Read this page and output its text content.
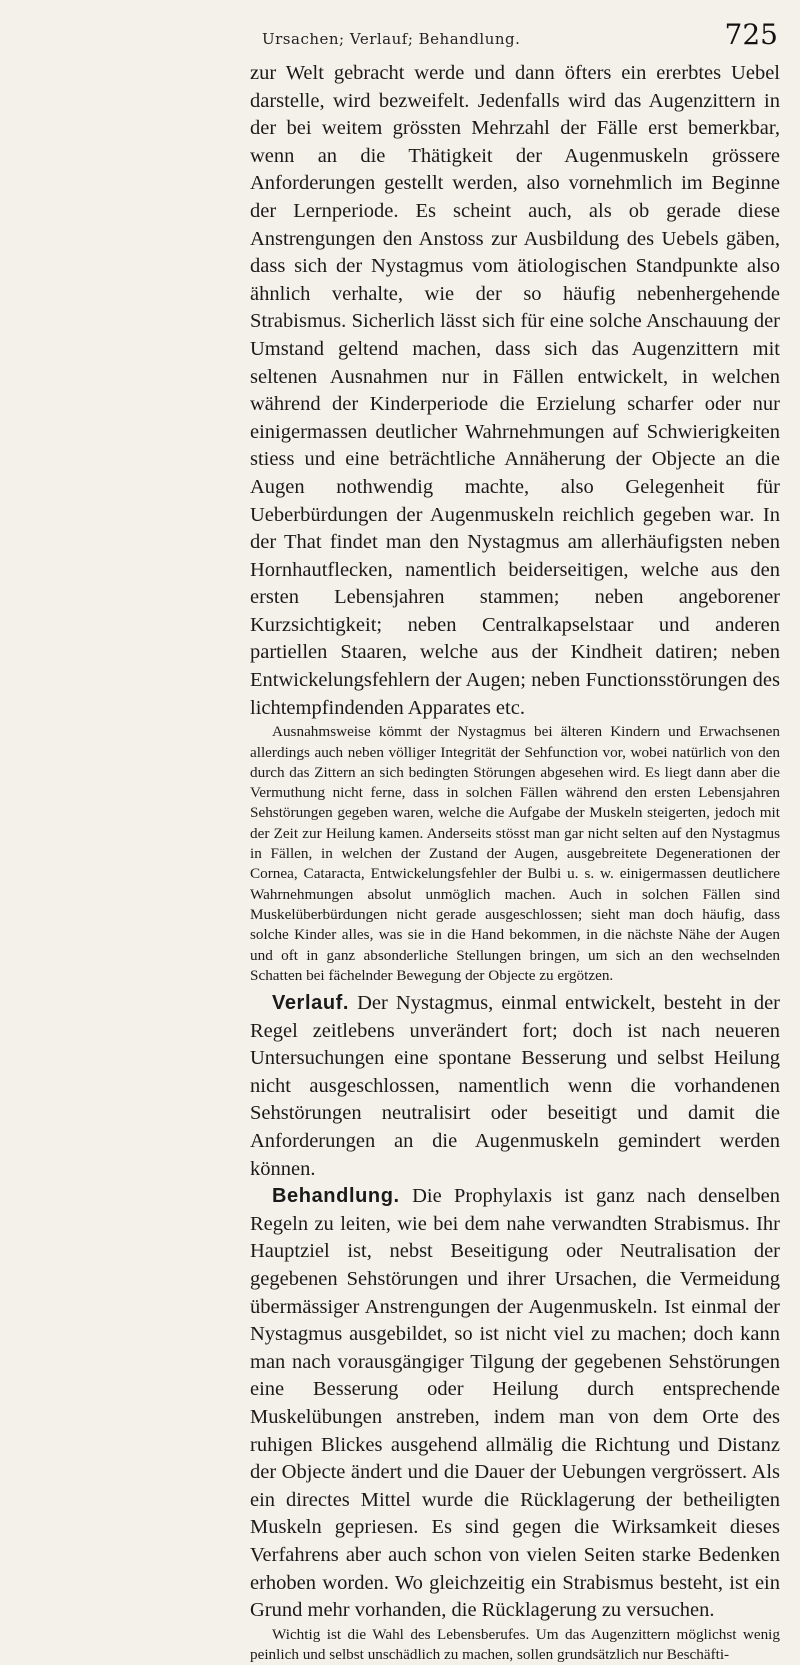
Ursachen; Verlauf; Behandlung.	725

zur Welt gebracht werde und dann öfters ein ererbtes Uebel darstelle, wird bezweifelt. Jedenfalls wird das Augenzittern in der bei weitem grössten Mehrzahl der Fälle erst bemerkbar, wenn an die Thätigkeit der Augenmuskeln grössere Anforderungen gestellt werden, also vornehmlich im Beginne der Lernperiode. Es scheint auch, als ob gerade diese Anstrengungen den Anstoss zur Ausbildung des Uebels gäben, dass sich der Nystagmus vom ätiologischen Standpunkte also ähnlich verhalte, wie der so häufig nebenhergehende Strabismus. Sicherlich lässt sich für eine solche Anschauung der Umstand geltend machen, dass sich das Augenzittern mit seltenen Ausnahmen nur in Fällen entwickelt, in welchen während der Kinderperiode die Erzielung scharfer oder nur einigermassen deutlicher Wahrnehmungen auf Schwierigkeiten stiess und eine beträchtliche Annäherung der Objecte an die Augen nothwendig machte, also Gelegenheit für Ueberbürdungen der Augenmuskeln reichlich gegeben war. In der That findet man den Nystagmus am allerhäufigsten neben Hornhautflecken, namentlich beiderseitigen, welche aus den ersten Lebensjahren stammen; neben angeborener Kurzsichtigkeit; neben Centralkapselstaar und anderen partiellen Staaren, welche aus der Kindheit datiren; neben Entwickelungsfehlern der Augen; neben Functionsstörungen des lichtempfindenden Apparates etc.

Ausnahmsweise kömmt der Nystagmus bei älteren Kindern und Erwachsenen allerdings auch neben völliger Integrität der Sehfunction vor, wobei natürlich von den durch das Zittern an sich bedingten Störungen abgesehen wird. Es liegt dann aber die Vermuthung nicht ferne, dass in solchen Fällen während den ersten Lebensjahren Sehstörungen gegeben waren, welche die Aufgabe der Muskeln steigerten, jedoch mit der Zeit zur Heilung kamen. Anderseits stösst man gar nicht selten auf den Nystagmus in Fällen, in welchen der Zustand der Augen, ausgebreitete Degenerationen der Cornea, Cataracta, Entwickelungsfehler der Bulbi u. s. w. einigermassen deutlichere Wahrnehmungen absolut unmöglich machen. Auch in solchen Fällen sind Muskelüberbürdungen nicht gerade ausgeschlossen; sieht man doch häufig, dass solche Kinder alles, was sie in die Hand bekommen, in die nächste Nähe der Augen und oft in ganz absonderliche Stellungen bringen, um sich an den wechselnden Schatten bei fächelnder Bewegung der Objecte zu ergötzen.

Verlauf. Der Nystagmus, einmal entwickelt, besteht in der Regel zeitlebens unverändert fort; doch ist nach neueren Untersuchungen eine spontane Besserung und selbst Heilung nicht ausgeschlossen, namentlich wenn die vorhandenen Sehstörungen neutralisirt oder beseitigt und damit die Anforderungen an die Augenmuskeln gemindert werden können.

Behandlung. Die Prophylaxis ist ganz nach denselben Regeln zu leiten, wie bei dem nahe verwandten Strabismus. Ihr Hauptziel ist, nebst Beseitigung oder Neutralisation der gegebenen Sehstörungen und ihrer Ursachen, die Vermeidung übermässiger Anstrengungen der Augenmuskeln. Ist einmal der Nystagmus ausgebildet, so ist nicht viel zu machen; doch kann man nach vorausgängiger Tilgung der gegebenen Sehstörungen eine Besserung oder Heilung durch entsprechende Muskelübungen anstreben, indem man von dem Orte des ruhigen Blickes ausgehend allmälig die Richtung und Distanz der Objecte ändert und die Dauer der Uebungen vergrössert. Als ein directes Mittel wurde die Rücklagerung der betheiligten Muskeln gepriesen. Es sind gegen die Wirksamkeit dieses Verfahrens aber auch schon von vielen Seiten starke Bedenken erhoben worden. Wo gleichzeitig ein Strabismus besteht, ist ein Grund mehr vorhanden, die Rücklagerung zu versuchen.

Wichtig ist die Wahl des Lebensberufes. Um das Augenzittern möglichst wenig peinlich und selbst unschädlich zu machen, sollen grundsätzlich nur Beschäfti-
